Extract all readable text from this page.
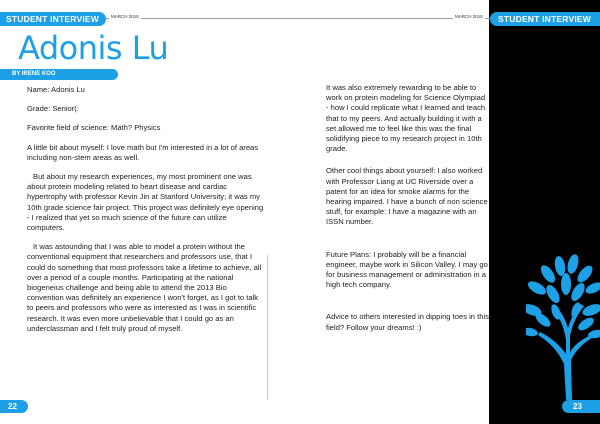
STUDENT INTERVIEW	MARCH 2015
Adonis Lu
BY IRENE KOO

Name: Adonis Lu

Grade: Senior(:

Favorite field of science: Math? Physics

A little bit about myself: I love math but I'm interested in a lot of areas including non-stem areas as well.

But about my research experiences, my most prominent one was about protein modeling related to heart disease and cardiac hypertrophy with professor Kevin Jin at Stanford University; it was my 10th grade science fair project. This project was definitely eye opening - I realized that yet so much science of the future can utilize computers.

It was astounding that I was able to model a protein without the conventional equipment that researchers and professors use, that I could do something that most professors take a lifetime to achieve, all over a period of a couple months. Participating at the national biogeneius challenge and being able to attend the 2013 Bio convention was definitely an experience I won't forget, as I got to talk to peers and professors who were as interested as I was in scientific research. It was even more unbelievable that I could go as an underclassman and I felt truly proud of myself.

22
MARCH 2015	STUDENT INTERVIEW

It was also extremely rewarding to be able to work on protein modeling for Science Olympiad - how I could replicate what I learned and teach that to my peers. And actually building it with a set allowed me to feel like this was the final solidifying piece to my research project in 10th grade.

Other cool things about yourself: I also worked with Professor Liang at UC Riverside over a patent for an idea for smoke alarms for the hearing impaired. I have a bunch of non science stuff, for example: I have a magazine with an ISSN number.

Future Plans: I probably will be a financial engineer, maybe work in Silicon Valley. I may go for business management or administration in a high tech company.

Advice to others interested in dipping toes in this field? Follow your dreams! :)

23
